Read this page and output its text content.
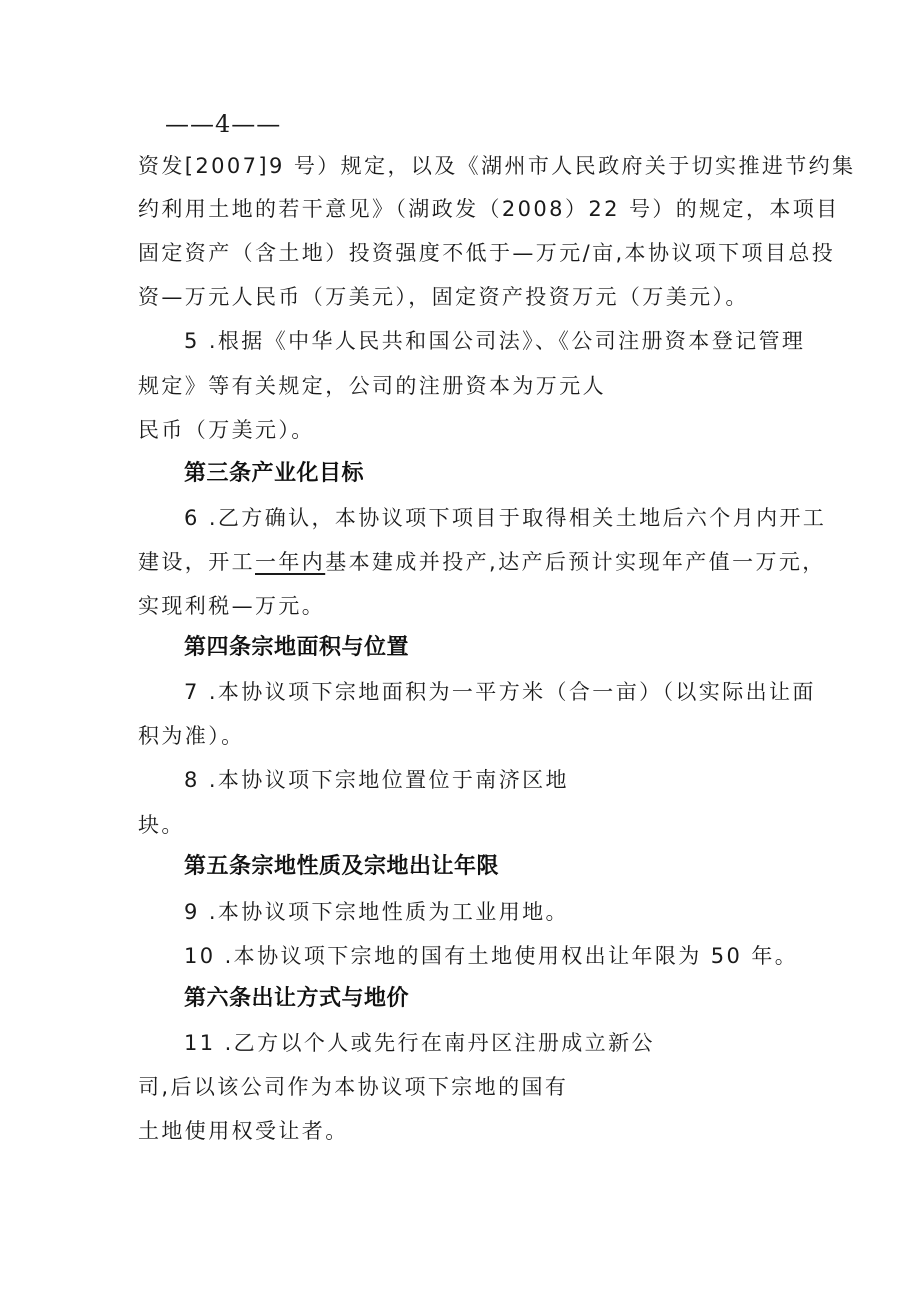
——4——
资发[2007]9 号）规定，以及《湖州市人民政府关于切实推进节约集
约利用土地的若干意见》（湖政发（2008）22 号）的规定，本项目
固定资产（含土地）投资强度不低于—万元/亩,本协议项下项目总投
资—万元人民币（万美元），固定资产投资万元（万美元）。
5 .根据《中华人民共和国公司法》、《公司注册资本登记管理
规定》等有关规定，公司的注册资本为万元人
民币（万美元）。
第三条产业化目标
6 .乙方确认，本协议项下项目于取得相关土地后六个月内开工
建设，开工一年内基本建成并投产,达产后预计实现年产值一万元，
实现利税—万元。
第四条宗地面积与位置
7 .本协议项下宗地面积为一平方米（合一亩）（以实际出让面
积为准）。
8 .本协议项下宗地位置位于南济区地
块。
第五条宗地性质及宗地出让年限
9 .本协议项下宗地性质为工业用地。
10 .本协议项下宗地的国有土地使用权出让年限为 50 年。
第六条出让方式与地价
11 .乙方以个人或先行在南丹区注册成立新公
司,后以该公司作为本协议项下宗地的国有
土地使用权受让者。
